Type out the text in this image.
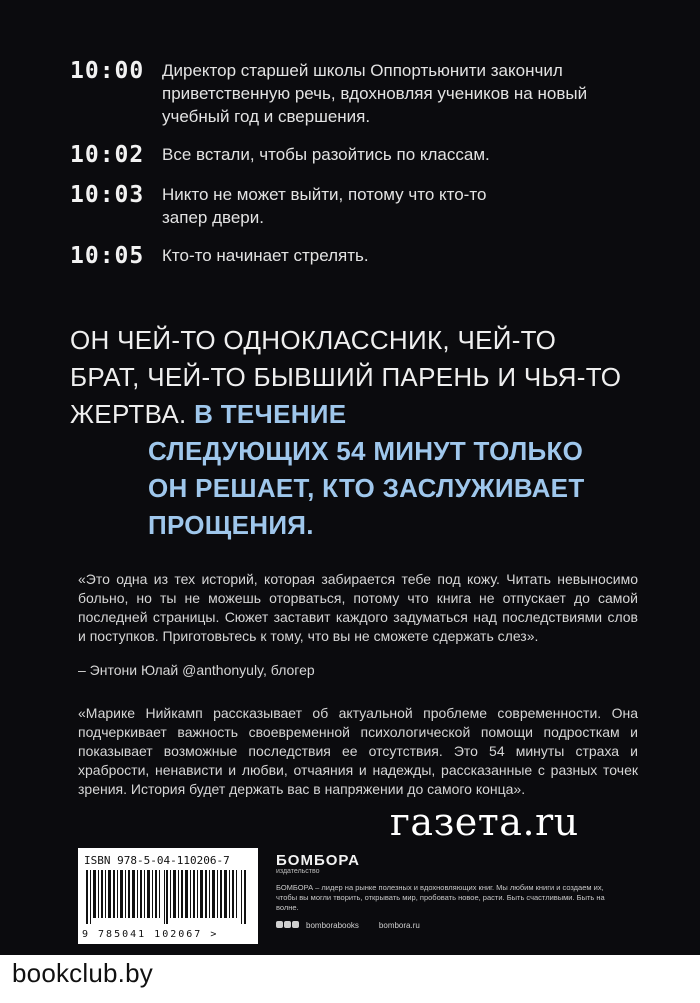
10:00	Директор старшей школы Оппортьюнити закончил приветственную речь, вдохновляя учеников на новый учебный год и свершения.
10:02	Все встали, чтобы разойтись по классам.
10:03	Никто не может выйти, потому что кто-то запер двери.
10:05	Кто-то начинает стрелять.
ОН ЧЕЙ-ТО ОДНОКЛАССНИК, ЧЕЙ-ТО БРАТ, ЧЕЙ-ТО БЫВШИЙ ПАРЕНЬ И ЧЬЯ-ТО ЖЕРТВА. В ТЕЧЕНИЕ
СЛЕДУЮЩИХ 54 МИНУТ ТОЛЬКО ОН РЕШАЕТ, КТО ЗАСЛУЖИВАЕТ ПРОЩЕНИЯ.
«Это одна из тех историй, которая забирается тебе под кожу. Читать невыносимо больно, но ты не можешь оторваться, потому что книга не отпускает до самой последней страницы. Сюжет заставит каждого задуматься над последствиями слов и поступков. Приготовьтесь к тому, что вы не сможете сдержать слез».
– Энтони Юлай @anthonyuly, блогер
«Марике Нийкамп рассказывает об актуальной проблеме современности. Она подчеркивает важность своевременной психологической помощи подросткам и показывает возможные последствия ее отсутствия. Это 54 минуты страха и храбрости, ненависти и любви, отчаяния и надежды, рассказанные с разных точек зрения. История будет держать вас в напряжении до самого конца».
газета.ru
ISBN 978-5-04-110206-7
9 785041 102067 >
БОМБОРА
издательство
БОМБОРА – лидер на рынке полезных и вдохновляющих книг. Мы любим книги и создаем их, чтобы вы могли творить, открывать мир, пробовать новое, расти. Быть счастливыми. Быть на волне.
bomborabooks	bombora.ru
bookclub.by
